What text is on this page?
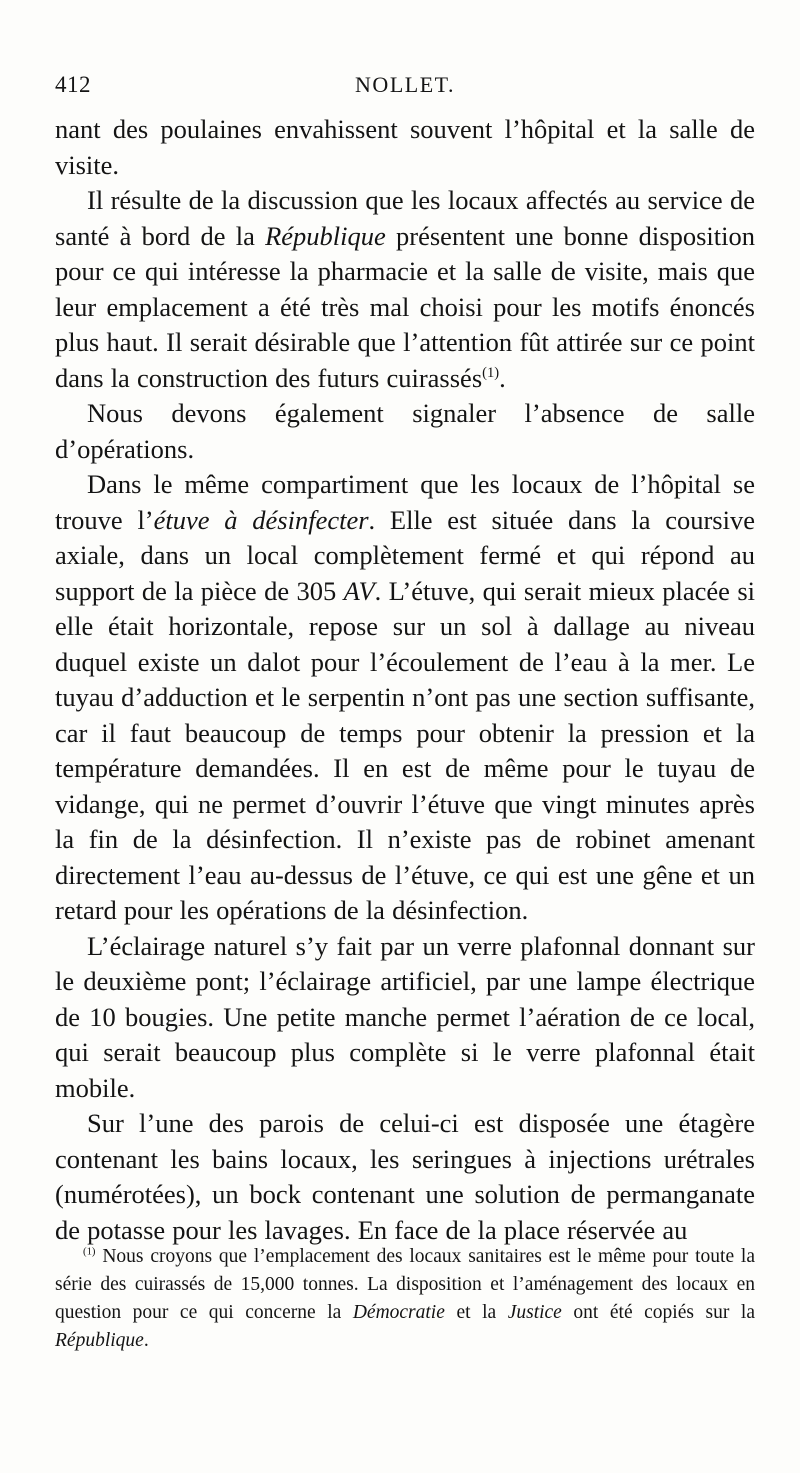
412	NOLLET.

nant des poulaines envahissent souvent l’hôpital et la salle de visite.

Il résulte de la discussion que les locaux affectés au service de santé à bord de la République présentent une bonne disposition pour ce qui intéresse la pharmacie et la salle de visite, mais que leur emplacement a été très mal choisi pour les motifs énoncés plus haut. Il serait désirable que l’attention fût attirée sur ce point dans la construction des futurs cuirassés$^{(1)}$.

Nous devons également signaler l’absence de salle d’opérations.

Dans le même compartiment que les locaux de l’hôpital se trouve l’étuve à désinfecter. Elle est située dans la coursive axiale, dans un local complètement fermé et qui répond au support de la pièce de 305 AV. L’étuve, qui serait mieux placée si elle était horizontale, repose sur un sol à dallage au niveau duquel existe un dalot pour l’écoulement de l’eau à la mer. Le tuyau d’adduction et le serpentin n’ont pas une section suffisante, car il faut beaucoup de temps pour obtenir la pression et la température demandées. Il en est de même pour le tuyau de vidange, qui ne permet d’ouvrir l’étuve que vingt minutes après la fin de la désinfection. Il n’existe pas de robinet amenant directement l’eau au-dessus de l’étuve, ce qui est une gêne et un retard pour les opérations de la désinfection.

L’éclairage naturel s’y fait par un verre plafonnal donnant sur le deuxième pont; l’éclairage artificiel, par une lampe électrique de 10 bougies. Une petite manche permet l’aération de ce local, qui serait beaucoup plus complète si le verre plafonnal était mobile.

Sur l’une des parois de celui-ci est disposée une étagère contenant les bains locaux, les seringues à injections urétrales (numérotées), un bock contenant une solution de permanganate de potasse pour les lavages. En face de la place réservée au

$^{(1)}$ Nous croyons que l’emplacement des locaux sanitaires est le même pour toute la série des cuirassés de 15,000 tonnes. La disposition et l’aménagement des locaux en question pour ce qui concerne la Démocratie et la Justice ont été copiés sur la République.
